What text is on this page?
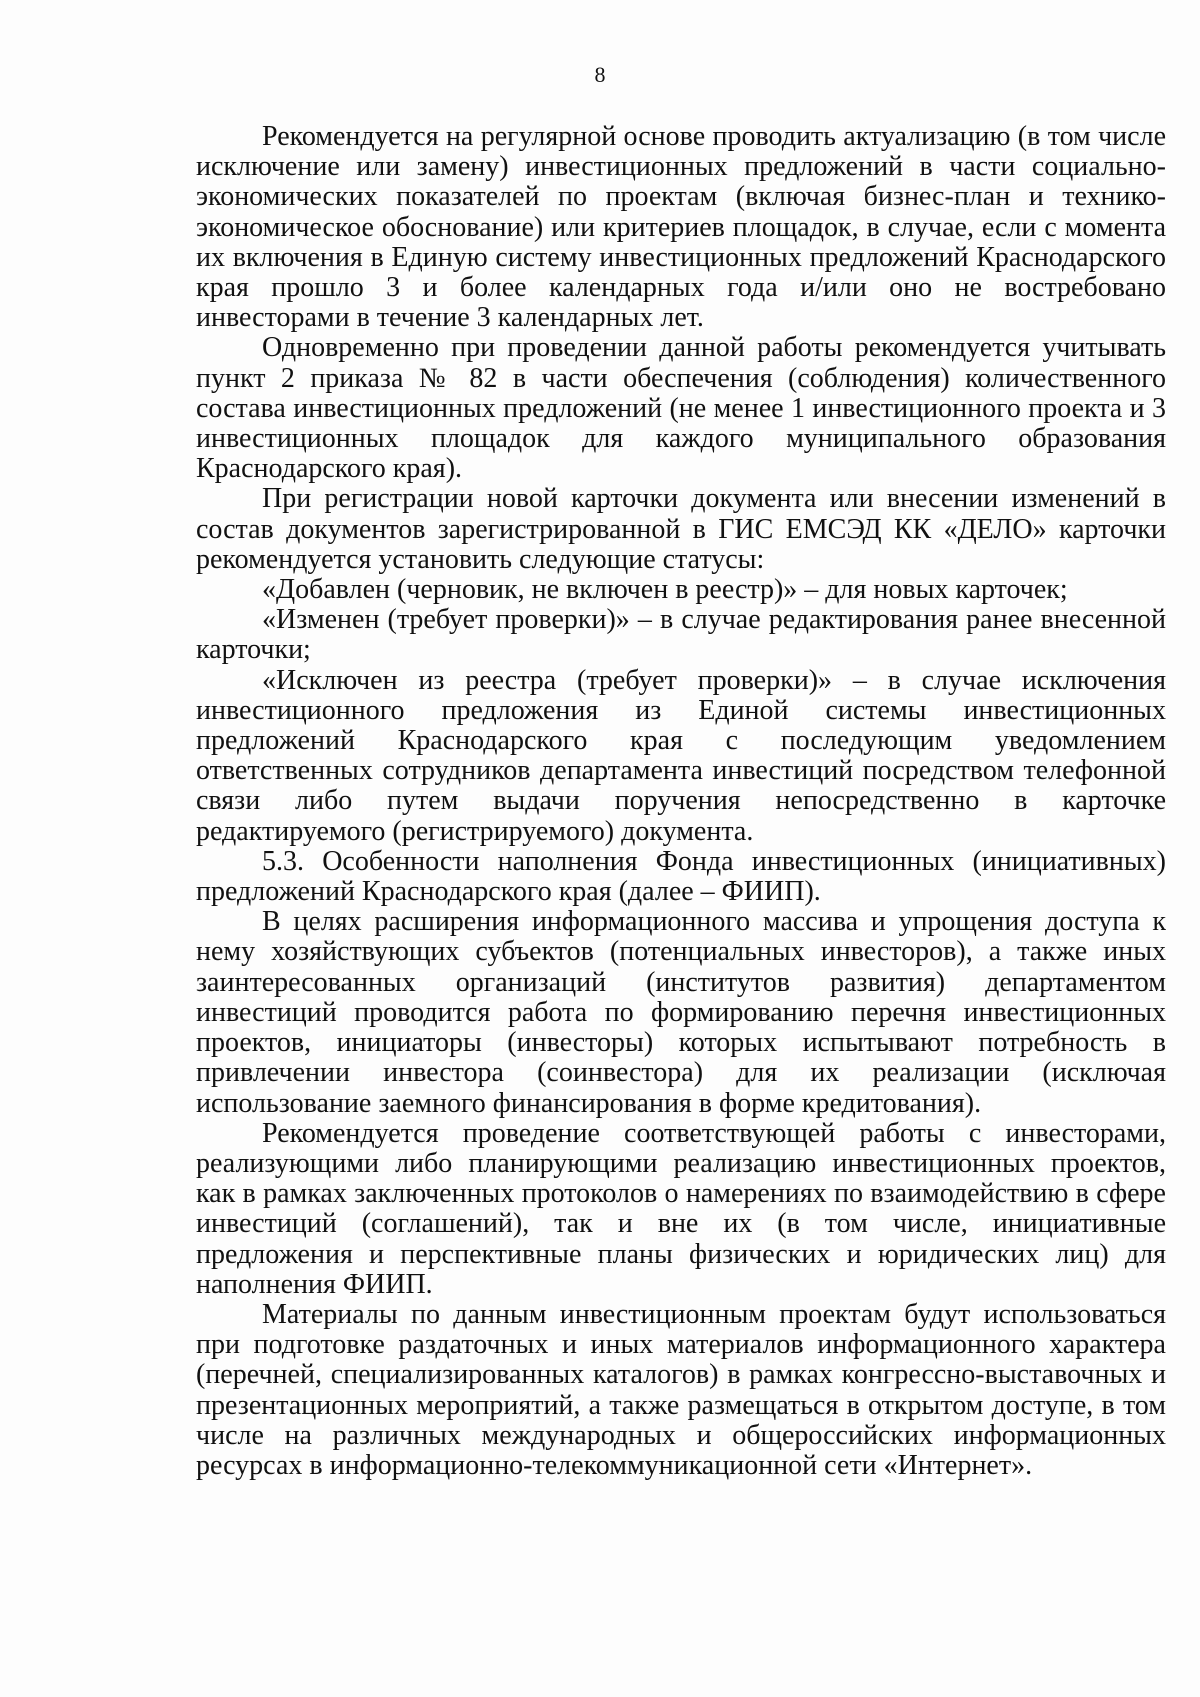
8

Рекомендуется на регулярной основе проводить актуализацию (в том числе исключение или замену) инвестиционных предложений в части социально-экономических показателей по проектам (включая бизнес-план и технико-экономическое обоснование) или критериев площадок, в случае, если с момента их включения в Единую систему инвестиционных предложений Краснодарского края прошло 3 и более календарных года и/или оно не востребовано инвесторами в течение 3 календарных лет.

Одновременно при проведении данной работы рекомендуется учитывать пункт 2 приказа № 82 в части обеспечения (соблюдения) количественного состава инвестиционных предложений (не менее 1 инвестиционного проекта и 3 инвестиционных площадок для каждого муниципального образования Краснодарского края).

При регистрации новой карточки документа или внесении изменений в состав документов зарегистрированной в ГИС ЕМСЭД КК «ДЕЛО» карточки рекомендуется установить следующие статусы:

«Добавлен (черновик, не включен в реестр)» – для новых карточек;

«Изменен (требует проверки)» – в случае редактирования ранее внесенной карточки;

«Исключен из реестра (требует проверки)» – в случае исключения инвестиционного предложения из Единой системы инвестиционных предложений Краснодарского края с последующим уведомлением ответственных сотрудников департамента инвестиций посредством телефонной связи либо путем выдачи поручения непосредственно в карточке редактируемого (регистрируемого) документа.

5.3. Особенности наполнения Фонда инвестиционных (инициативных) предложений Краснодарского края (далее – ФИИП).

В целях расширения информационного массива и упрощения доступа к нему хозяйствующих субъектов (потенциальных инвесторов), а также иных заинтересованных организаций (институтов развития) департаментом инвестиций проводится работа по формированию перечня инвестиционных проектов, инициаторы (инвесторы) которых испытывают потребность в привлечении инвестора (соинвестора) для их реализации (исключая использование заемного финансирования в форме кредитования).

Рекомендуется проведение соответствующей работы с инвесторами, реализующими либо планирующими реализацию инвестиционных проектов, как в рамках заключенных протоколов о намерениях по взаимодействию в сфере инвестиций (соглашений), так и вне их (в том числе, инициативные предложения и перспективные планы физических и юридических лиц) для наполнения ФИИП.

Материалы по данным инвестиционным проектам будут использоваться при подготовке раздаточных и иных материалов информационного характера (перечней, специализированных каталогов) в рамках конгрессно-выставочных и презентационных мероприятий, а также размещаться в открытом доступе, в том числе на различных международных и общероссийских информационных ресурсах в информационно-телекоммуникационной сети «Интернет».
